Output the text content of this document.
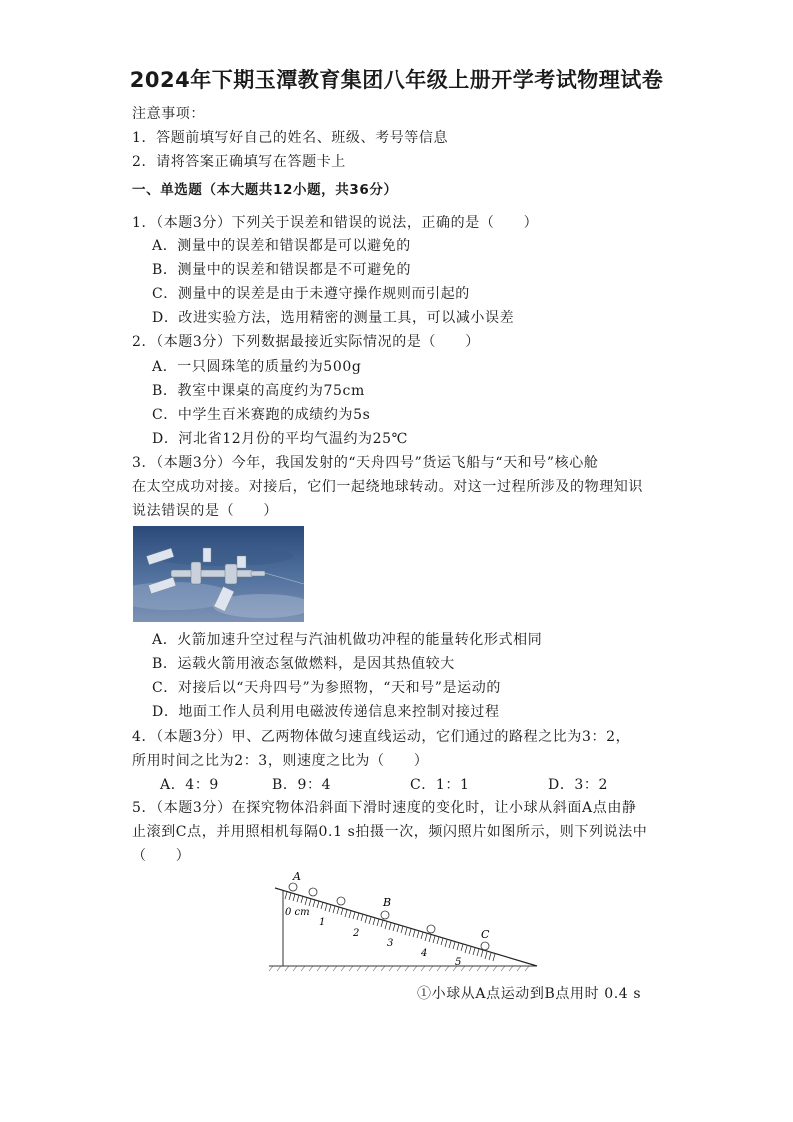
2024年下期玉潭教育集团八年级上册开学考试物理试卷
注意事项：
1．答题前填写好自己的姓名、班级、考号等信息
2．请将答案正确填写在答题卡上
一、单选题（本大题共12小题，共36分）
1．（本题3分）下列关于误差和错误的说法，正确的是（　　）
A．测量中的误差和错误都是可以避免的
B．测量中的误差和错误都是不可避免的
C．测量中的误差是由于未遵守操作规则而引起的
D．改进实验方法，选用精密的测量工具，可以减小误差
2．（本题3分）下列数据最接近实际情况的是（　　）
A．一只圆珠笔的质量约为500g
B．教室中课桌的高度约为75cm
C．中学生百米赛跑的成绩约为5s
D．河北省12月份的平均气温约为25℃
3．（本题3分）今年，我国发射的“天舟四号”货运飞船与“天和号”核心舱
在太空成功对接。对接后，它们一起绕地球转动。对这一过程所涉及的物理知识
说法错误的是（　　）
A．火箭加速升空过程与汽油机做功冲程的能量转化形式相同
B．运载火箭用液态氢做燃料，是因其热值较大
C．对接后以“天舟四号”为参照物，“天和号”是运动的
D．地面工作人员利用电磁波传递信息来控制对接过程
4．（本题3分）甲、乙两物体做匀速直线运动，它们通过的路程之比为3：2，
所用时间之比为2：3，则速度之比为（　　）
A．4：9	B．9：4	C．1：1	D．3：2
5．（本题3分）在探究物体沿斜面下滑时速度的变化时，让小球从斜面A点由静
止滚到C点，并用照相机每隔0.1 s拍摄一次，频闪照片如图所示，则下列说法中
（　　）
A
B
C
0 cm
1
2
3
4
5
①小球从A点运动到B点用时 0.4 s
